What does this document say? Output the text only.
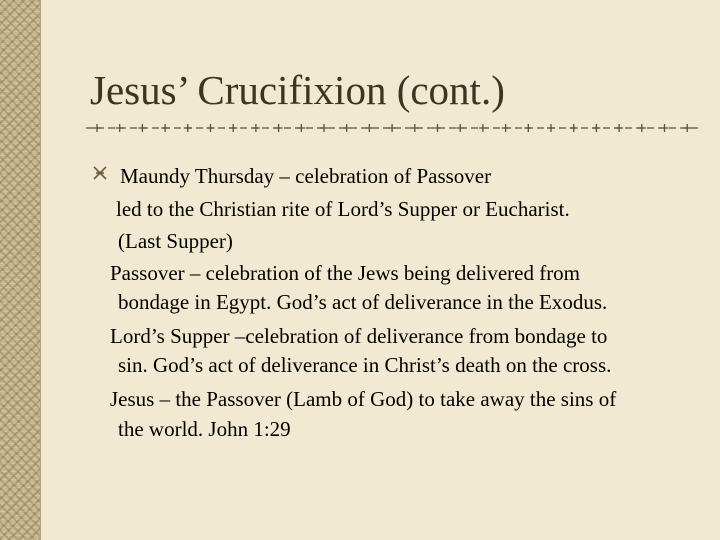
Jesus’ Crucifixion (cont.)
Maundy Thursday – celebration of Passover
led to the Christian rite of Lord’s Supper or Eucharist.
(Last Supper)
Passover – celebration of the Jews being delivered from
bondage in Egypt. God’s act of deliverance in the Exodus.
Lord’s Supper –celebration of deliverance from bondage to
sin. God’s act of deliverance in Christ’s death on the cross.
Jesus – the Passover (Lamb of God) to take away the sins of
the world. John 1:29
